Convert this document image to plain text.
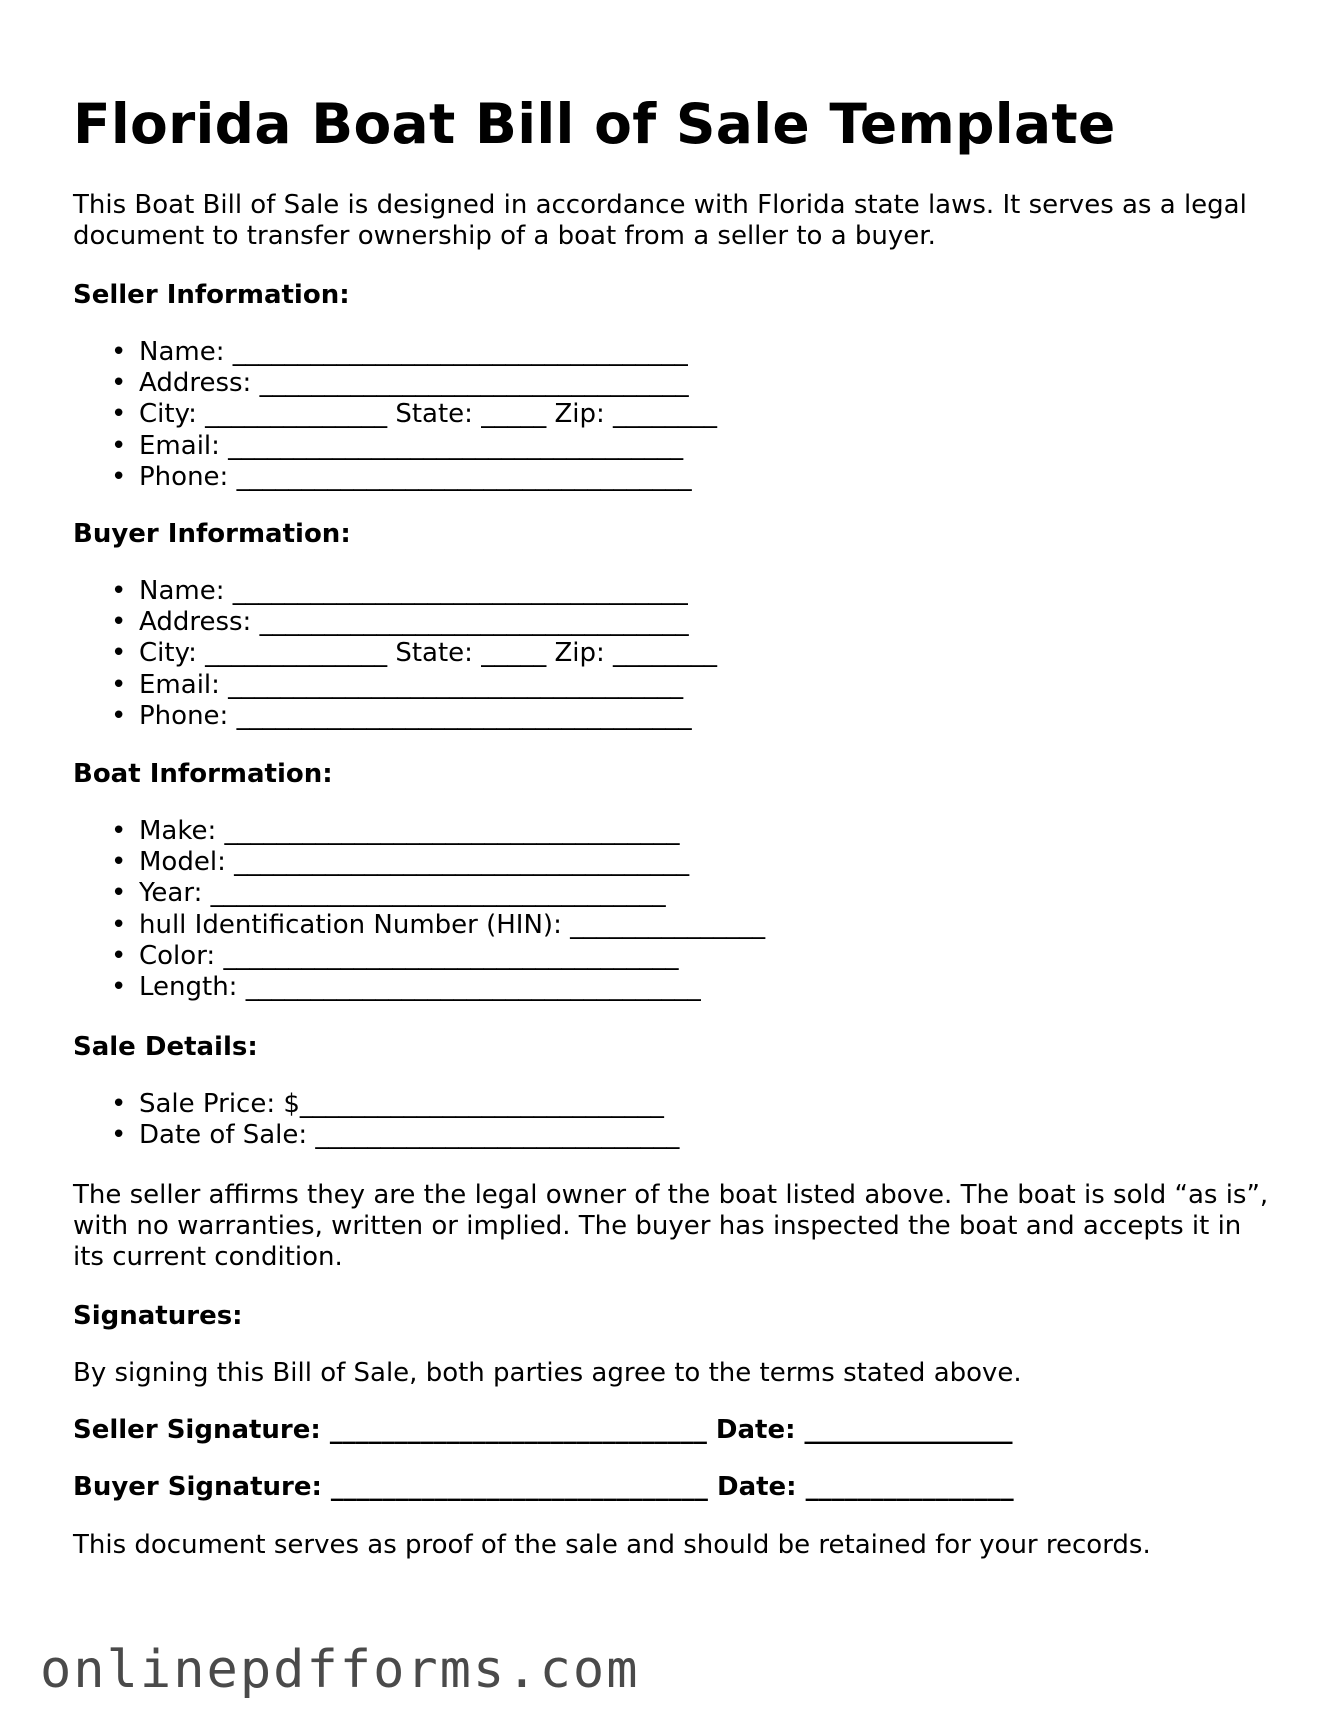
Florida Boat Bill of Sale Template

This Boat Bill of Sale is designed in accordance with Florida state laws. It serves as a legal document to transfer ownership of a boat from a seller to a buyer.

Seller Information:

• Name: ___________________________________
• Address: _________________________________
• City: ______________ State: _____ Zip: ________
• Email: ___________________________________
• Phone: ___________________________________

Buyer Information:

• Name: ___________________________________
• Address: _________________________________
• City: ______________ State: _____ Zip: ________
• Email: ___________________________________
• Phone: ___________________________________

Boat Information:

• Make: ___________________________________
• Model: ___________________________________
• Year: ___________________________________
• hull Identification Number (HIN): _______________
• Color: ___________________________________
• Length: ___________________________________

Sale Details:

• Sale Price: $____________________________
• Date of Sale: ____________________________

The seller affirms they are the legal owner of the boat listed above. The boat is sold “as is”, with no warranties, written or implied. The buyer has inspected the boat and accepts it in its current condition.

Signatures:

By signing this Bill of Sale, both parties agree to the terms stated above.

Seller Signature: _____________________________ Date: ________________

Buyer Signature: _____________________________ Date: ________________

This document serves as proof of the sale and should be retained for your records.

onlinepdfforms.com
